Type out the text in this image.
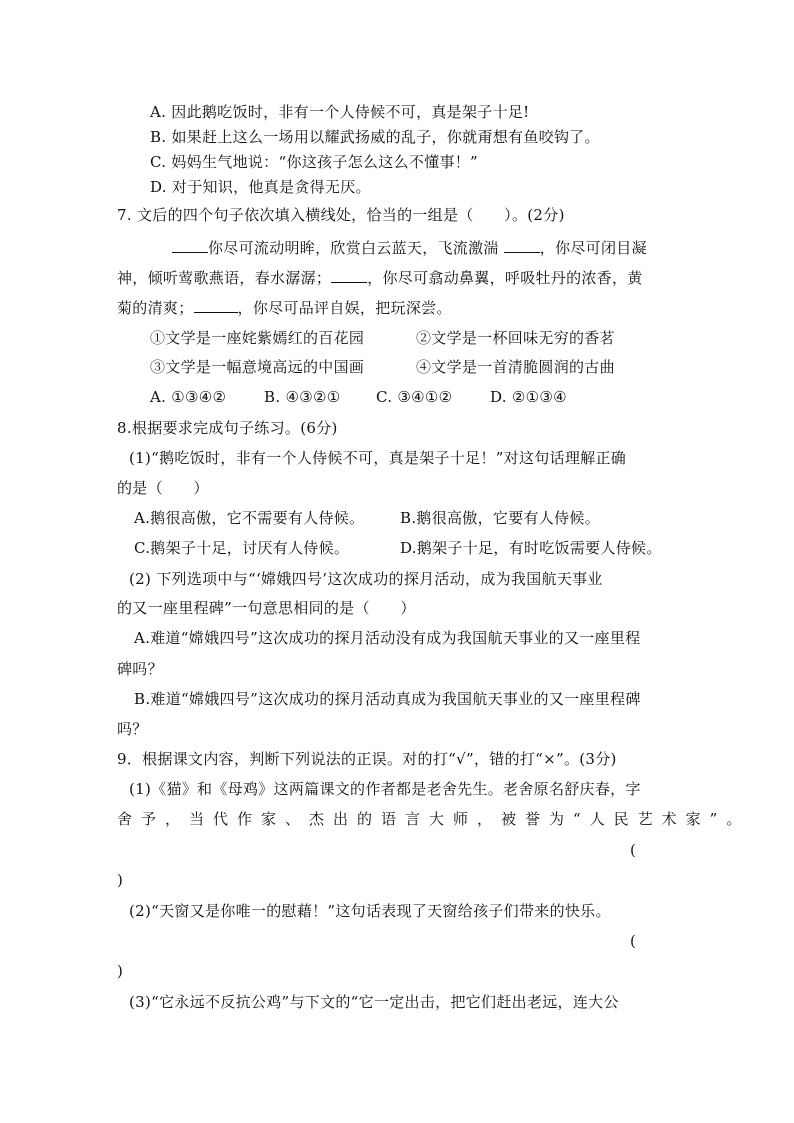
A. 因此鹅吃饭时，非有一个人侍候不可，真是架子十足!
B. 如果赶上这么一场用以耀武扬威的乱子，你就甭想有鱼咬钩了。
C. 妈妈生气地说：“你这孩子怎么这么不懂事！”
D. 对于知识，他真是贪得无厌。
7. 文后的四个句子依次填入横线处，恰当的一组是（　　）。(2分)
你尽可流动明眸，欣赏白云蓝天，飞流激湍	，你尽可闭目凝
神，倾听莺歌燕语，春水潺潺； ，你尽可翕动鼻翼，呼吸牡丹的浓香，黄
菊的清爽；	，你尽可品评自娱，把玩深尝。
①文学是一座姹紫嫣红的百花园	②文学是一杯回味无穷的香茗
③文学是一幅意境高远的中国画	④文学是一首清脆圆润的古曲
A. ①③④②	B. ④③②① C. ③④①②	D. ②①③④
8.根据要求完成句子练习。(6分)
(1)“鹅吃饭时，非有一个人侍候不可，真是架子十足！”对这句话理解正确
的是（　　）
A.鹅很高傲，它不需要有人侍候。 B.鹅很高傲，它要有人侍候。
C.鹅架子十足，讨厌有人侍候。	D.鹅架子十足，有时吃饭需要人侍候。
(2) 下列选项中与“‘嫦娥四号’这次成功的探月活动，成为我国航天事业
的又一座里程碑”一句意思相同的是（　　）
A.难道“嫦娥四号”这次成功的探月活动没有成为我国航天事业的又一座里程
碑吗？
B.难道“嫦娥四号”这次成功的探月活动真成为我国航天事业的又一座里程碑
吗？
9．根据课文内容，判断下列说法的正误。对的打“√”，错的打“×”。(3分)
(1)《猫》和《母鸡》这两篇课文的作者都是老舍先生。老舍原名舒庆春，字
舍予，当代作家、杰出的语言大师，被誉为“人民艺术家”。
(
)
(2)“天窗又是你唯一的慰藉！”这句话表现了天窗给孩子们带来的快乐。
(
)
(3)“它永远不反抗公鸡”与下文的“它一定出击，把它们赶出老远，连大公
